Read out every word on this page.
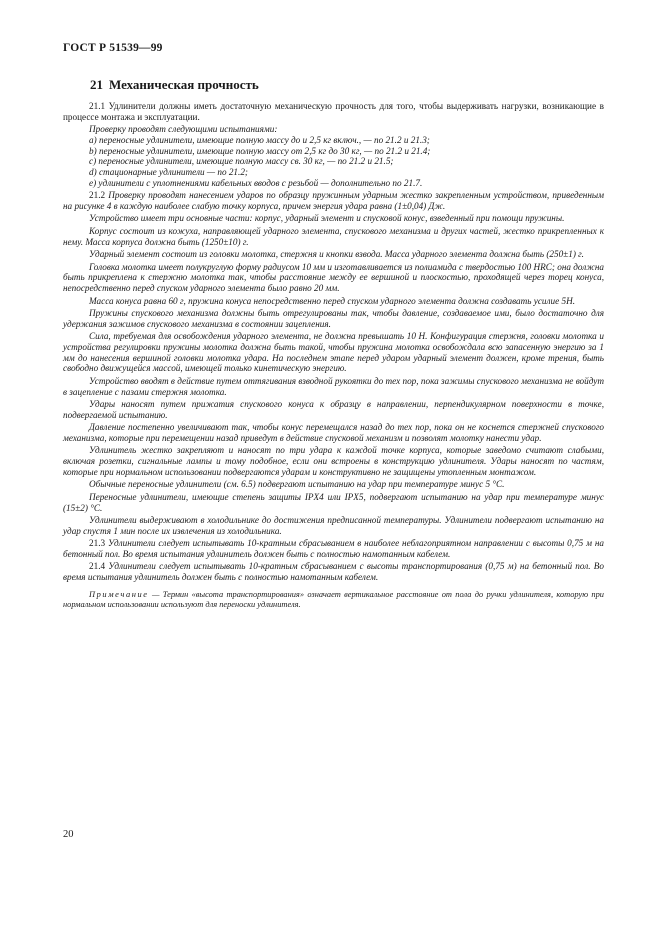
ГОСТ Р 51539—99
21 Механическая прочность

21.1 Удлинители должны иметь достаточную механическую прочность для того, чтобы выдерживать нагрузки, возникающие в процессе монтажа и эксплуатации.

Проверку проводят следующими испытаниями:

a) переносные удлинители, имеющие полную массу до и 2,5 кг включ., — по 21.2 и 21.3;

b) переносные удлинители, имеющие полную массу от 2,5 кг до 30 кг, — по 21.2 и 21.4;

c) переносные удлинители, имеющие полную массу св. 30 кг, — по 21.2 и 21.5;

d) стационарные удлинители — по 21.2;

e) удлинители с уплотнениями кабельных вводов с резьбой — дополнительно по 21.7.

21.2 Проверку проводят нанесением ударов по образцу пружинным ударным жестко закрепленным устройством, приведенным на рисунке 4 в каждую наиболее слабую точку корпуса, причем энергия удара равна (1±0,04) Дж.

Устройство имеет три основные части: корпус, ударный элемент и спусковой конус, взведенный при помощи пружины.

Корпус состоит из кожуха, направляющей ударного элемента, спускового механизма и других частей, жестко прикрепленных к нему. Масса корпуса должна быть (1250±10) г.

Ударный элемент состоит из головки молотка, стержня и кнопки взвода. Масса ударного элемента должна быть (250±1) г.

Головка молотка имеет полукруглую форму радиусом 10 мм и изготавливается из полиамида с твердостью 100 HRC; она должна быть прикреплена к стержню молотка так, чтобы расстояние между ее вершиной и плоскостью, проходящей через торец конуса, непосредственно перед спуском ударного элемента было равно 20 мм.

Масса конуса равна 60 г, пружина конуса непосредственно перед спуском ударного элемента должна создавать усилие 5Н.

Пружины спускового механизма должны быть отрегулированы так, чтобы давление, создаваемое ими, было достаточно для удержания зажимов спускового механизма в состоянии зацепления.

Сила, требуемая для освобождения ударного элемента, не должна превышать 10 Н. Конфигурация стержня, головки молотка и устройства регулировки пружины молотка должна быть такой, чтобы пружина молотка освобождала всю запасенную энергию за 1 мм до нанесения вершиной головки молотка удара. На последнем этапе перед ударом ударный элемент должен, кроме трения, быть свободно движущейся массой, имеющей только кинетическую энергию.

Устройство вводят в действие путем оттягивания взводной рукоятки до тех пор, пока зажимы спускового механизма не войдут в зацепление с пазами стержня молотка.

Удары наносят путем прижатия спускового конуса к образцу в направлении, перпендикулярном поверхности в точке, подвергаемой испытанию.

Давление постепенно увеличивают так, чтобы конус перемещался назад до тех пор, пока он не коснется стержней спускового механизма, которые при перемещении назад приведут в действие спусковой механизм и позволят молотку нанести удар.

Удлинитель жестко закрепляют и наносят по три удара к каждой точке корпуса, которые заведомо считают слабыми, включая розетки, сигнальные лампы и тому подобное, если они встроены в конструкцию удлинителя. Удары наносят по частям, которые при нормальном использовании подвергаются ударам и конструктивно не защищены утопленным монтажом.

Обычные переносные удлинители (см. 6.5) подвергают испытанию на удар при температуре минус 5 °С.

Переносные удлинители, имеющие степень защиты IPX4 или IPX5, подвергают испытанию на удар при температуре минус (15±2) °С.

Удлинители выдерживают в холодильнике до достижения предписанной температуры. Удлинители подвергают испытанию на удар спустя 1 мин после их извлечения из холодильника.

21.3 Удлинители следует испытывать 10-кратным сбрасыванием в наиболее неблагоприятном направлении с высоты 0,75 м на бетонный пол. Во время испытания удлинитель должен быть с полностью намотанным кабелем.

21.4 Удлинители следует испытывать 10-кратным сбрасыванием с высоты транспортирования (0,75 м) на бетонный пол. Во время испытания удлинитель должен быть с полностью намотанным кабелем.

Примечание — Термин «высота транспортирования» означает вертикальное расстояние от пола до ручки удлинителя, которую при нормальном использовании используют для переноски удлинителя.

20
